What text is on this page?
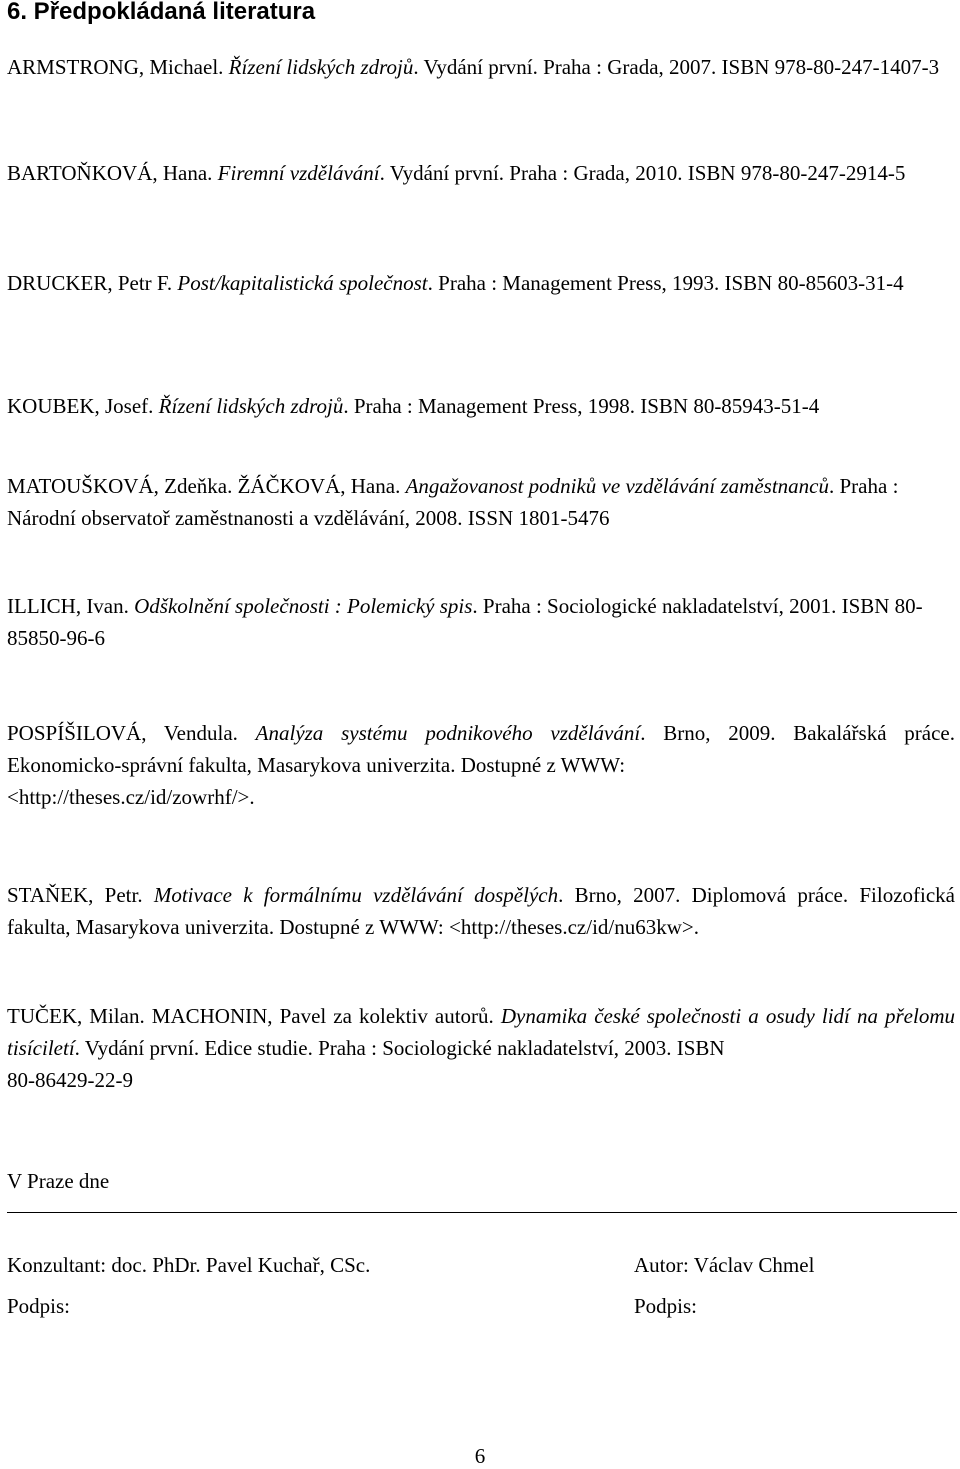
6. Předpokládaná literatura

ARMSTRONG, Michael. Řízení lidských zdrojů. Vydání první. Praha : Grada, 2007. ISBN 978-80-247-1407-3

BARTOŇKOVÁ, Hana. Firemní vzdělávání. Vydání první. Praha : Grada, 2010. ISBN 978-80-247-2914-5

DRUCKER, Petr F. Post/kapitalistická společnost. Praha : Management Press, 1993. ISBN 80-85603-31-4

KOUBEK, Josef. Řízení lidských zdrojů. Praha : Management Press, 1998. ISBN 80-85943-51-4

MATOUŠKOVÁ, Zdeňka. ŽÁČKOVÁ, Hana. Angažovanost podniků ve vzdělávání zaměstnanců. Praha : Národní observatoř zaměstnanosti a vzdělávání, 2008. ISSN 1801-5476

ILLICH, Ivan. Odškolnění společnosti : Polemický spis. Praha : Sociologické nakladatelství, 2001. ISBN 80-85850-96-6

POSPÍŠILOVÁ, Vendula. Analýza systému podnikového vzdělávání. Brno, 2009. Bakalářská práce. Ekonomicko-správní fakulta, Masarykova univerzita. Dostupné z WWW:
<http://theses.cz/id/zowrhf/>.

STAŇEK, Petr. Motivace k formálnímu vzdělávání dospělých. Brno, 2007. Diplomová práce. Filozofická fakulta, Masarykova univerzita. Dostupné z WWW: <http://theses.cz/id/nu63kw>.

TUČEK, Milan. MACHONIN, Pavel za kolektiv autorů. Dynamika české společnosti a osudy lidí na přelomu tisíciletí. Vydání první. Edice studie. Praha : Sociologické nakladatelství, 2003. ISBN
80-86429-22-9

V Praze dne

Konzultant: doc. PhDr. Pavel Kuchař, CSc.

Podpis:

Autor: Václav Chmel

Podpis:

6
